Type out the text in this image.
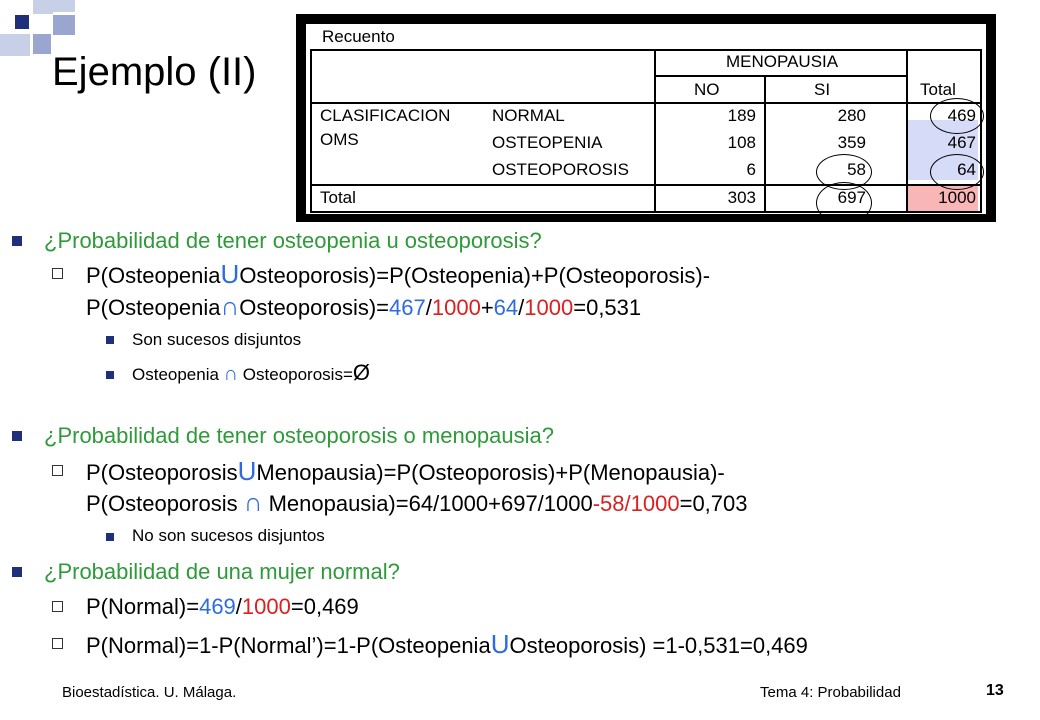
Ejemplo (II)
Recuento
MENOPAUSIA
NO	SI	Total
CLASIFICACION
OMS
NORMAL	189	280	469
OSTEOPENIA	108	359	467
OSTEOPOROSIS	6	58	64
Total	303	697	1000
¿Probabilidad de tener osteopenia u osteoporosis?
P(OsteopeniaUOsteoporosis)=P(Osteopenia)+P(Osteoporosis)-
P(Osteopenia∩Osteoporosis)=467/1000+64/1000=0,531
Son sucesos disjuntos
Osteopenia ∩ Osteoporosis=Ø
¿Probabilidad de tener osteoporosis o menopausia?
P(OsteoporosisUMenopausia)=P(Osteoporosis)+P(Menopausia)-
P(Osteoporosis ∩ Menopausia)=64/1000+697/1000-58/1000=0,703
No son sucesos disjuntos
¿Probabilidad de una mujer normal?
P(Normal)=469/1000=0,469
P(Normal)=1-P(Normal’)=1-P(OsteopeniaUOsteoporosis) =1-0,531=0,469
Bioestadística. U. Málaga.	Tema 4: Probabilidad	13
